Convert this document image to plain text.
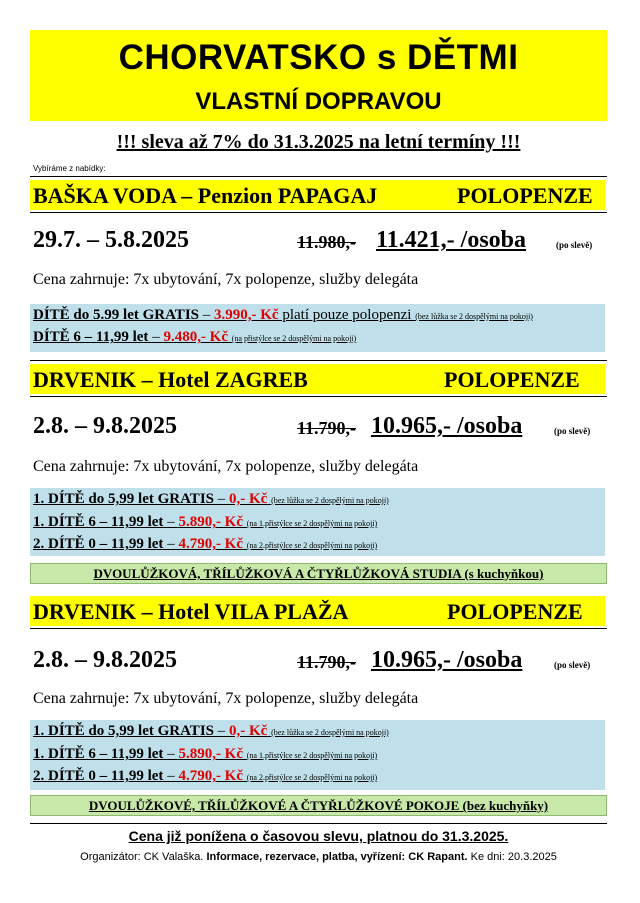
CHORVATSKO s DĚTMI
VLASTNÍ DOPRAVOU
!!! sleva až 7% do 31.3.2025 na letní termíny !!!
Vybíráme z nabídky:
BAŠKA VODA – Penzion PAPAGAJ	POLOPENZE
29.7. – 5.8.2025	11.980,- 11.421,- /osoba	(po slevě)
Cena zahrnuje: 7x ubytování, 7x polopenze, služby delegáta
DÍTĚ do 5.99 let GRATIS – 3.990,- Kč platí pouze polopenzi (bez lůžka se 2 dospělými na pokoji)
DÍTĚ 6 – 11,99 let – 9.480,- Kč (na přistýlce se 2 dospělými na pokoji)
DRVENIK – Hotel ZAGREB	POLOPENZE
2.8. – 9.8.2025	11.790,- 10.965,- /osoba	(po slevě)
Cena zahrnuje: 7x ubytování, 7x polopenze, služby delegáta
1. DÍTĚ do 5,99 let GRATIS – 0,- Kč (bez lůžka se 2 dospělými na pokoji)
1. DÍTĚ 6 – 11,99 let – 5.890,- Kč (na 1.přistýlce se 2 dospělými na pokoji)
2. DÍTĚ 0 – 11,99 let – 4.790,- Kč (na 2.přistýlce se 2 dospělými na pokoji)
DVOULŮŽKOVÁ, TŘÍLŮŽKOVÁ A ČTYŘLŮŽKOVÁ STUDIA (s kuchyňkou)
DRVENIK – Hotel VILA PLAŽA	POLOPENZE
2.8. – 9.8.2025	11.790,- 10.965,- /osoba	(po slevě)
Cena zahrnuje: 7x ubytování, 7x polopenze, služby delegáta
1. DÍTĚ do 5,99 let GRATIS – 0,- Kč (bez lůžka se 2 dospělými na pokoji)
1. DÍTĚ 6 – 11,99 let – 5.890,- Kč (na 1.přistýlce se 2 dospělými na pokoji)
2. DÍTĚ 0 – 11,99 let – 4.790,- Kč (na 2.přistýlce se 2 dospělými na pokoji)
DVOULŮŽKOVÉ, TŘÍLŮŽKOVÉ A ČTYŘLŮŽKOVÉ POKOJE (bez kuchyňky)
Cena již ponížena o časovou slevu, platnou do 31.3.2025.
Organizátor: CK Valaška. Informace, rezervace, platba, vyřízení: CK Rapant. Ke dni: 20.3.2025
